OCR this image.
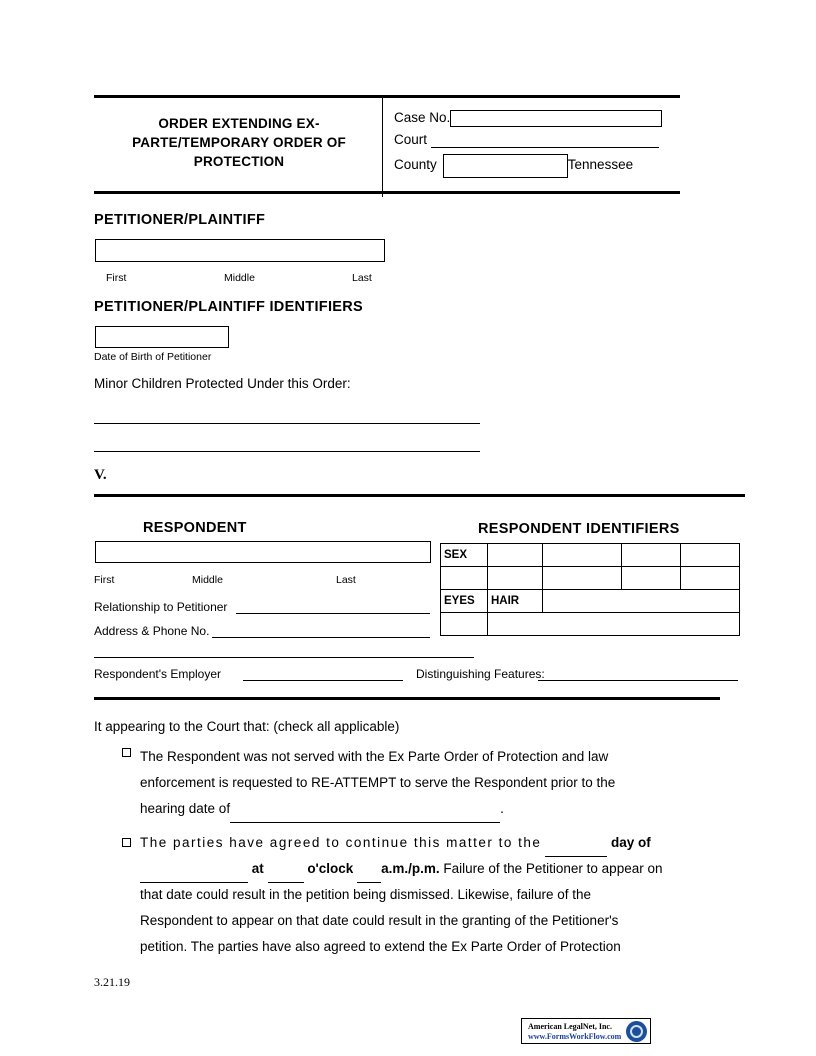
ORDER EXTENDING EX-PARTE/TEMPORARY ORDER OF PROTECTION
Case No.
Court
County	Tennessee
PETITIONER/PLAINTIFF
First	Middle	Last
PETITIONER/PLAINTIFF IDENTIFIERS
Date of Birth of Petitioner
Minor Children Protected Under this Order:
V.
RESPONDENT	RESPONDENT IDENTIFIERS
First	Middle	Last
Relationship to Petitioner
Address & Phone No.
Respondent's Employer	Distinguishing Features:
SEX				

EYES	HAIR			

It appearing to the Court that: (check all applicable)
The Respondent was not served with the Ex Parte Order of Protection and law
enforcement is requested to RE-ATTEMPT to serve the Respondent prior to the
hearing date of	.
The parties have agreed to continue this matter to the	day of
at	o'clock a.m./p.m. Failure of the Petitioner to appear on
that date could result in the petition being dismissed. Likewise, failure of the
Respondent to appear on that date could result in the granting of the Petitioner's
petition. The parties have also agreed to extend the Ex Parte Order of Protection
3.21.19
American LegalNet, Inc.
www.FormsWorkFlow.com
